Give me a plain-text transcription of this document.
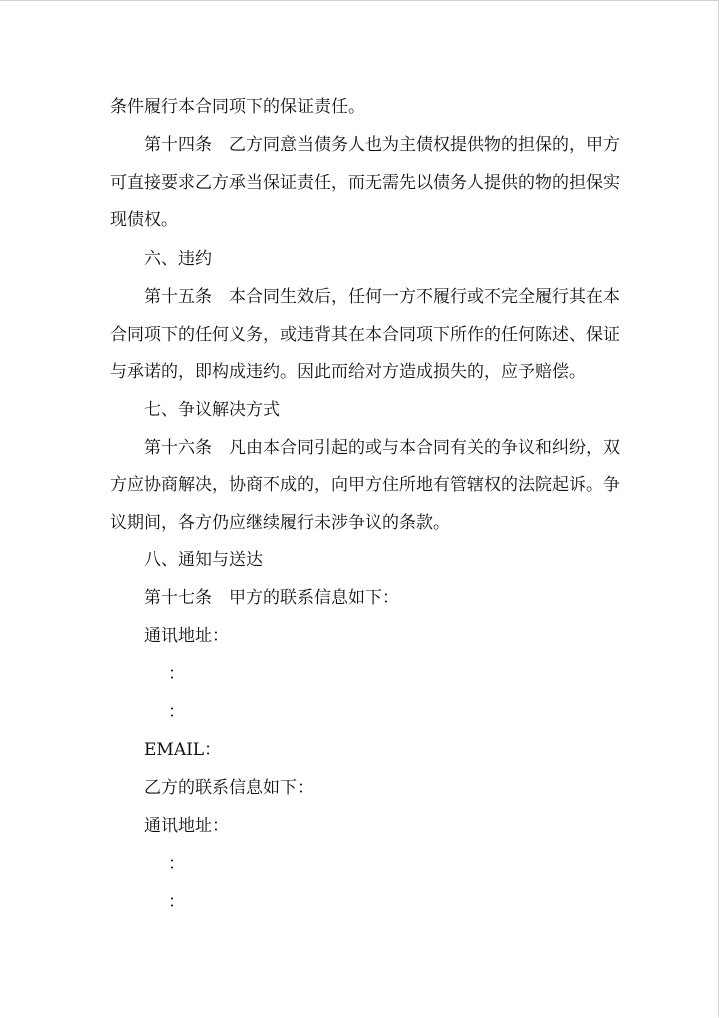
条件履行本合同项下的保证责任。
第十四条　乙方同意当债务人也为主债权提供物的担保的，甲方
可直接要求乙方承当保证责任，而无需先以债务人提供的物的担保实
现债权。
六、违约
第十五条　本合同生效后，任何一方不履行或不完全履行其在本
合同项下的任何义务，或违背其在本合同项下所作的任何陈述、保证
与承诺的，即构成违约。因此而给对方造成损失的，应予赔偿。
七、争议解决方式
第十六条　凡由本合同引起的或与本合同有关的争议和纠纷，双
方应协商解决，协商不成的，向甲方住所地有管辖权的法院起诉。争
议期间，各方仍应继续履行未涉争议的条款。
八、通知与送达
第十七条　甲方的联系信息如下：
通讯地址：
：
：
EMAIL：
乙方的联系信息如下：
通讯地址：
：
：
